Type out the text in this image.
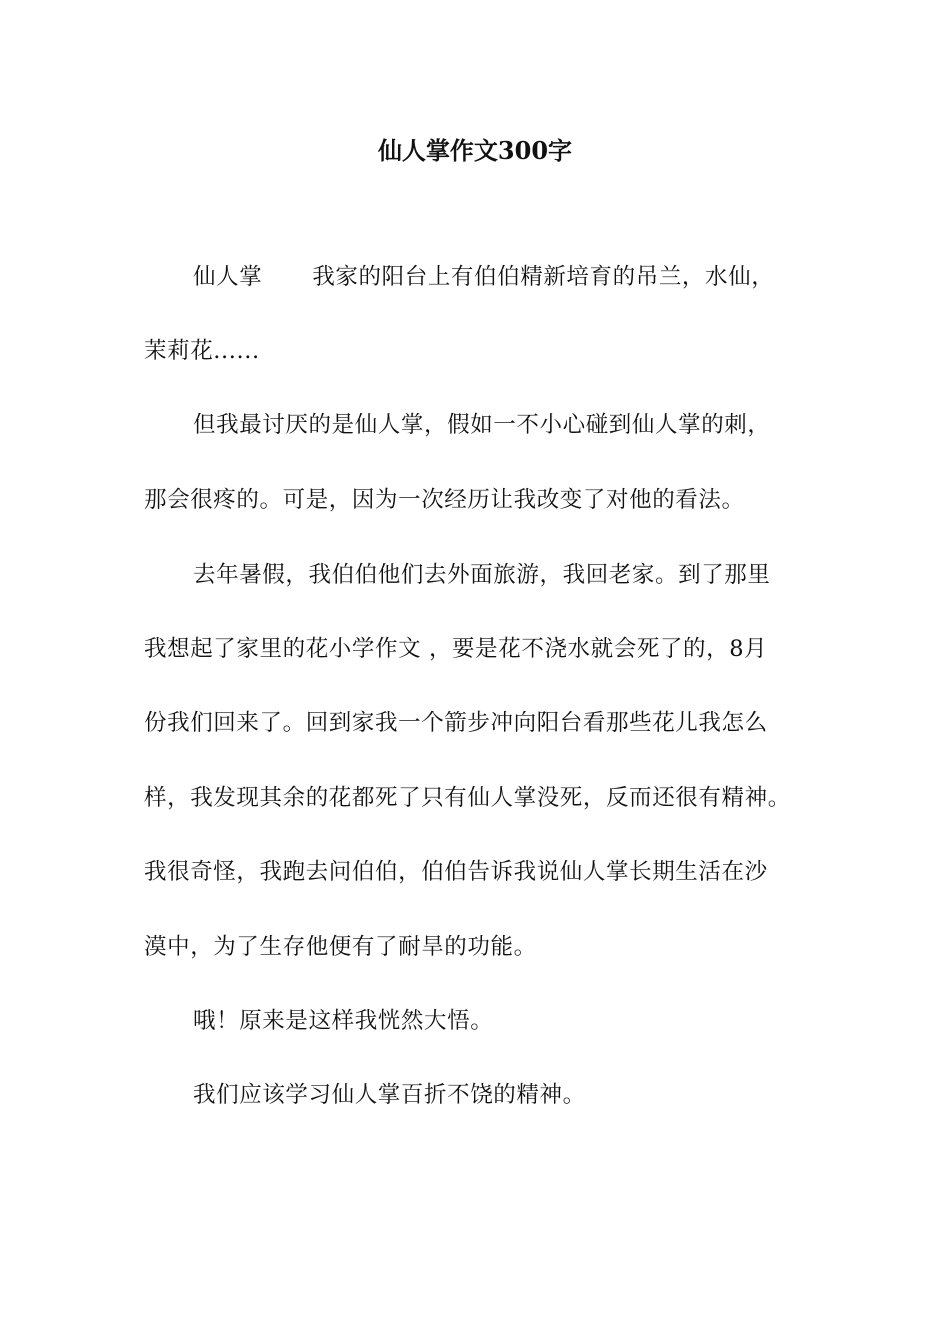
仙人掌作文300字
仙人掌 我家的阳台上有伯伯精新培育的吊兰，水仙，
茉莉花......
但我最讨厌的是仙人掌，假如一不小心碰到仙人掌的刺，
那会很疼的。可是，因为一次经历让我改变了对他的看法。
去年暑假，我伯伯他们去外面旅游，我回老家。到了那里
我想起了家里的花小学作文 ，要是花不浇水就会死了的，8月
份我们回来了。回到家我一个箭步冲向阳台看那些花儿我怎么
样，我发现其余的花都死了只有仙人掌没死，反而还很有精神。
我很奇怪，我跑去问伯伯，伯伯告诉我说仙人掌长期生活在沙
漠中，为了生存他便有了耐旱的功能。
哦！原来是这样我恍然大悟。
我们应该学习仙人掌百折不饶的精神。
